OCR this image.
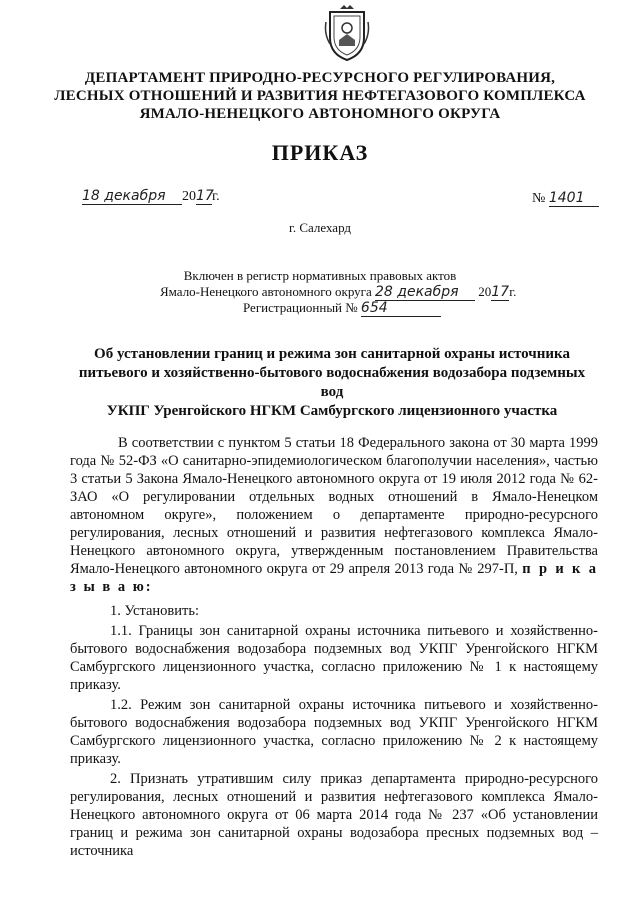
ДЕПАРТАМЕНТ ПРИРОДНО-РЕСУРСНОГО РЕГУЛИРОВАНИЯ,
ЛЕСНЫХ ОТНОШЕНИЙ И РАЗВИТИЯ НЕФТЕГАЗОВОГО КОМПЛЕКСА
ЯМАЛО-НЕНЕЦКОГО АВТОНОМНОГО ОКРУГА
ПРИКАЗ
18 декабря 2017г.	№ 1401
г. Салехард
Включен в регистр нормативных правовых актов
Ямало-Ненецкого автономного округа 28 декабря 2017г.
Регистрационный № 654
Об установлении границ и режима зон санитарной охраны источника
питьевого и хозяйственно-бытового водоснабжения водозабора подземных вод
УКПГ Уренгойского НГКМ Самбургского лицензионного участка

В соответствии с пунктом 5 статьи 18 Федерального закона от 30 марта 1999 года № 52-ФЗ «О санитарно-эпидемиологическом благополучии населения», частью 3 статьи 5 Закона Ямало-Ненецкого автономного округа от 19 июля 2012 года № 62-ЗАО «О регулировании отдельных водных отношений в Ямало-Ненецком автономном округе», положением о департаменте природно-ресурсного регулирования, лесных отношений и развития нефтегазового комплекса Ямало-Ненецкого автономного округа, утвержденным постановлением Правительства Ямало-Ненецкого автономного округа от 29 апреля 2013 года № 297-П, п р и к а з ы в а ю:

1. Установить:

1.1. Границы зон санитарной охраны источника питьевого и хозяйственно-бытового водоснабжения водозабора подземных вод УКПГ Уренгойского НГКМ Самбургского лицензионного участка, согласно приложению № 1 к настоящему приказу.

1.2. Режим зон санитарной охраны источника питьевого и хозяйственно-бытового водоснабжения водозабора подземных вод УКПГ Уренгойского НГКМ Самбургского лицензионного участка, согласно приложению № 2 к настоящему приказу.

2. Признать утратившим силу приказ департамента природно-ресурсного регулирования, лесных отношений и развития нефтегазового комплекса Ямало-Ненецкого автономного округа от 06 марта 2014 года № 237 «Об установлении границ и режима зон санитарной охраны водозабора пресных подземных вод – источника
